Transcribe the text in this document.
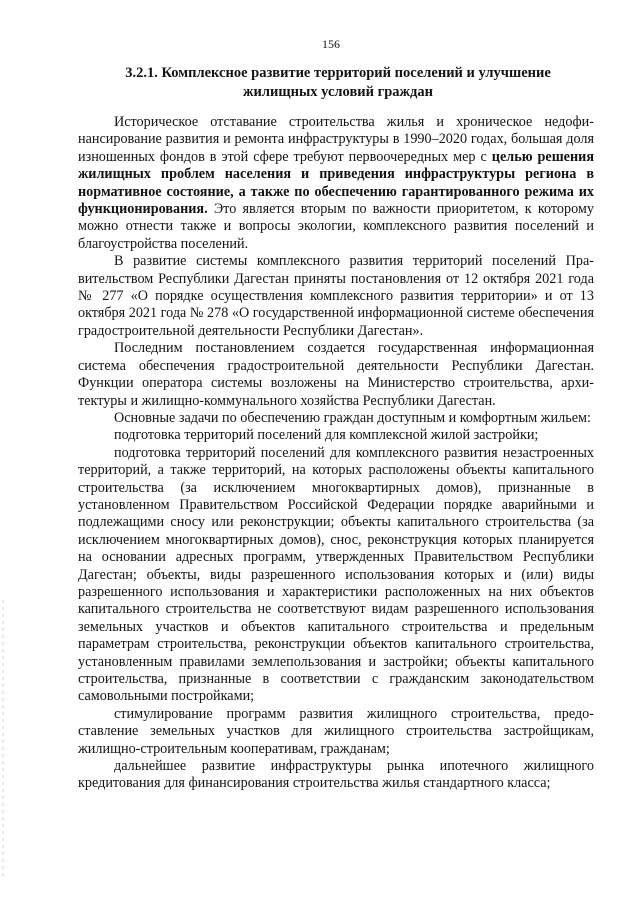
156
3.2.1. Комплексное развитие территорий поселений и улучшение
жилищных условий граждан

Историческое отставание строительства жилья и хроническое недофинансирование развития и ремонта инфраструктуры в 1990–2020 годах, большая доля изношенных фондов в этой сфере требуют первоочередных мер с целью решения жилищных проблем населения и приведения инфраструктуры региона в нормативное состояние, а также по обеспечению гарантированного режима их функционирования. Это является вторым по важности приоритетом, к которому можно отнести также и вопросы экологии, комплексного развития поселений и благоустройства поселений.

В развитие системы комплексного развития территорий поселений Правительством Республики Дагестан приняты постановления от 12 октября 2021 года № 277 «О порядке осуществления комплексного развития территории» и от 13 октября 2021 года № 278 «О государственной информационной системе обеспечения градостроительной деятельности Республики Дагестан».

Последним постановлением создается государственная информационная система обеспечения градостроительной деятельности Республики Дагестан. Функции оператора системы возложены на Министерство строительства, архитектуры и жилищно-коммунального хозяйства Республики Дагестан.

Основные задачи по обеспечению граждан доступным и комфортным жильем:

подготовка территорий поселений для комплексной жилой застройки;

подготовка территорий поселений для комплексного развития незастроенных территорий, а также территорий, на которых расположены объекты капитального строительства (за исключением многоквартирных домов), признанные в установленном Правительством Российской Федерации порядке аварийными и подлежащими сносу или реконструкции; объекты капитального строительства (за исключением многоквартирных домов), снос, реконструкция которых планируется на основании адресных программ, утвержденных Правительством Республики Дагестан; объекты, виды разрешенного использования которых и (или) виды разрешенного использования и характеристики расположенных на них объектов капитального строительства не соответствуют видам разрешенного использования земельных участков и объектов капитального строительства и предельным параметрам строительства, реконструкции объектов капитального строительства, установленным правилами землепользования и застройки; объекты капитального строительства, признанные в соответствии с гражданским законодательством самовольными постройками;

стимулирование программ развития жилищного строительства, предоставление земельных участков для жилищного строительства застройщикам, жилищно-строительным кооперативам, гражданам;

дальнейшее развитие инфраструктуры рынка ипотечного жилищного кредитования для финансирования строительства жилья стандартного класса;
